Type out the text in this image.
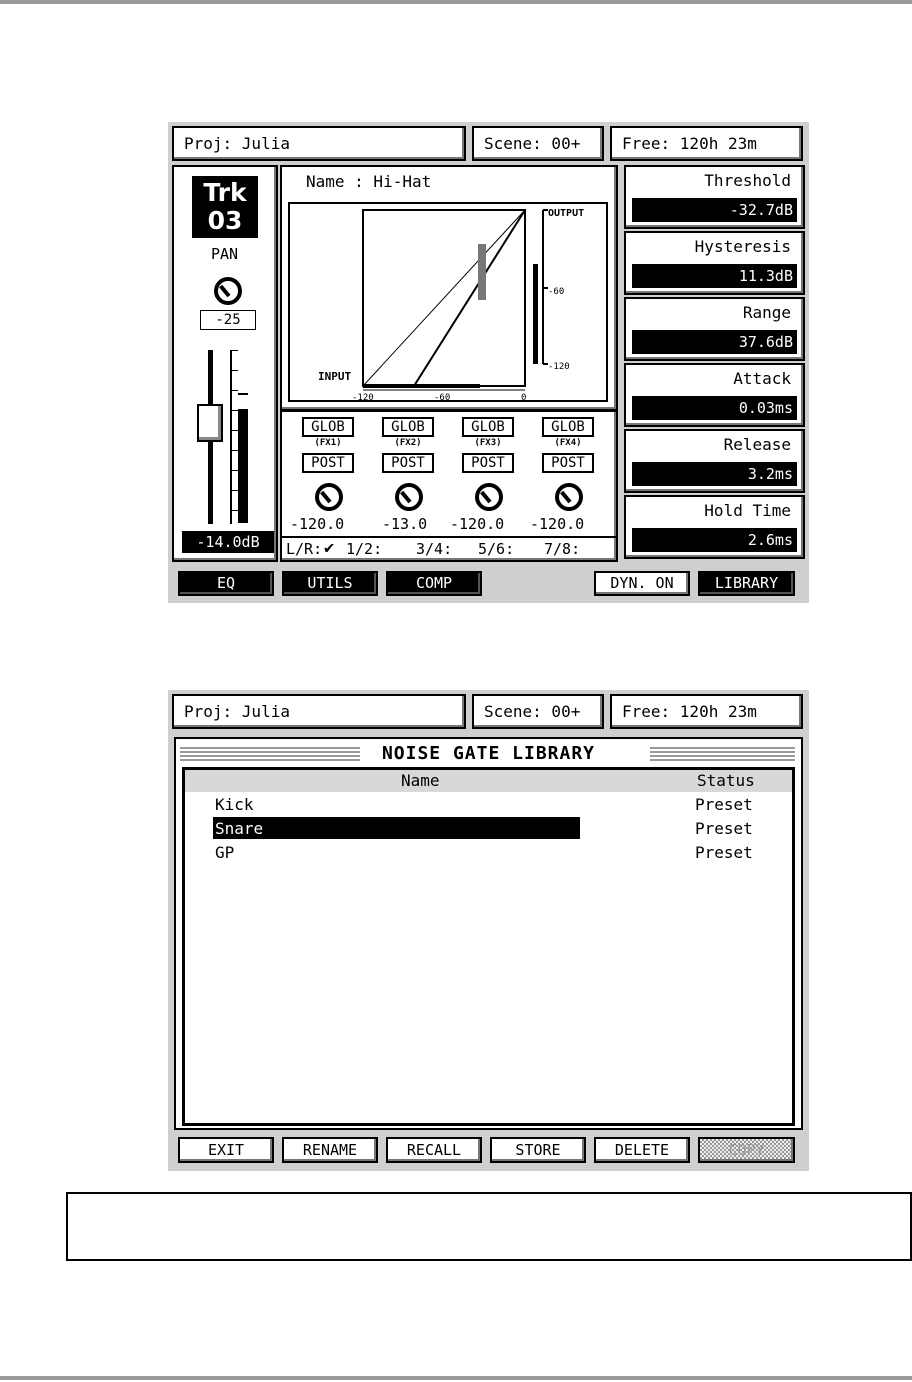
Proj: Julia	Scene: 00+	Free: 120h 23m
Trk
03
PAN
-25
-14.0dB
Name : Hi-Hat
OUTPUT
-60
-120
INPUT
-120	-60	0
GLOB
(FX1)
POST
-120.0
GLOB
(FX2)
POST
-13.0
GLOB
(FX3)
POST
-120.0
GLOB
(FX4)
POST
-120.0
L/R: ✔ 1/2: 3/4: 5/6: 7/8:
Threshold
-32.7dB
Hysteresis
11.3dB
Range
37.6dB
Attack
0.03ms
Release
3.2ms
Hold Time
2.6ms
EQ	UTILS	COMP	DYN. ON	LIBRARY
Proj: Julia	Scene: 00+	Free: 120h 23m
NOISE GATE LIBRARY
Name	Status
Kick	Preset
Snare	Preset
GP	Preset
EXIT	RENAME	RECALL	STORE	DELETE	COPY
